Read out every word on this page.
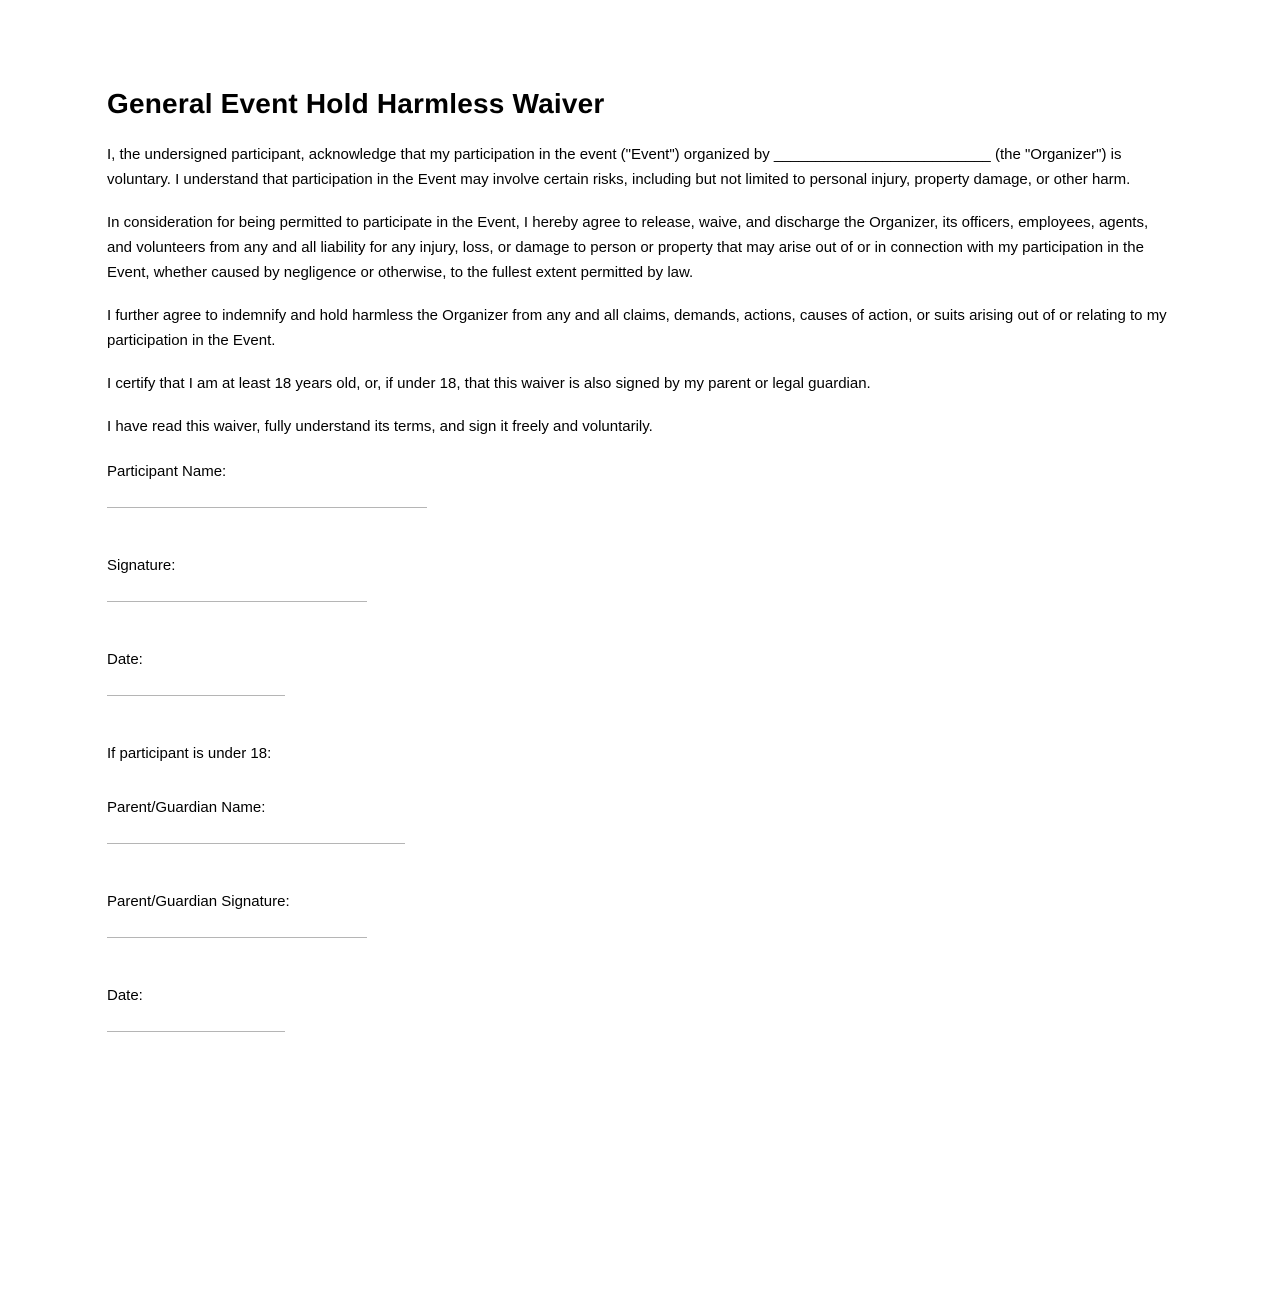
General Event Hold Harmless Waiver

I, the undersigned participant, acknowledge that my participation in the event ("Event") organized by __________________________ (the "Organizer") is voluntary. I understand that participation in the Event may involve certain risks, including but not limited to personal injury, property damage, or other harm.

In consideration for being permitted to participate in the Event, I hereby agree to release, waive, and discharge the Organizer, its officers, employees, agents, and volunteers from any and all liability for any injury, loss, or damage to person or property that may arise out of or in connection with my participation in the Event, whether caused by negligence or otherwise, to the fullest extent permitted by law.

I further agree to indemnify and hold harmless the Organizer from any and all claims, demands, actions, causes of action, or suits arising out of or relating to my participation in the Event.

I certify that I am at least 18 years old, or, if under 18, that this waiver is also signed by my parent or legal guardian.

I have read this waiver, fully understand its terms, and sign it freely and voluntarily.

Participant Name:
Signature:
Date:
If participant is under 18:
Parent/Guardian Name:
Parent/Guardian Signature:
Date:
